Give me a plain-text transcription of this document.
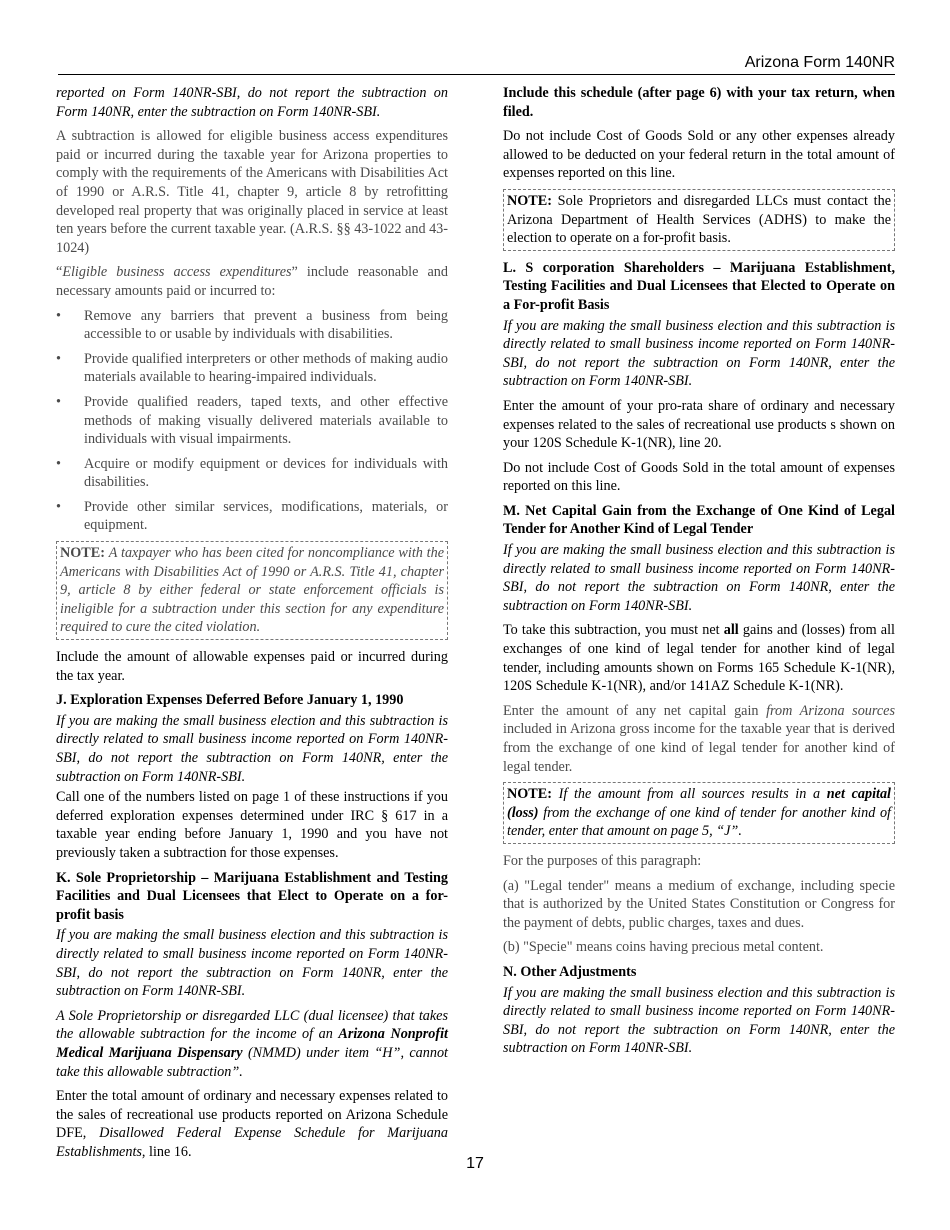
Arizona Form 140NR

reported on Form 140NR-SBI, do not report the subtraction on Form 140NR, enter the subtraction on Form 140NR-SBI.

A subtraction is allowed for eligible business access expenditures paid or incurred during the taxable year for Arizona properties to comply with the requirements of the Americans with Disabilities Act of 1990 or A.R.S. Title 41, chapter 9, article 8 by retrofitting developed real property that was originally placed in service at least ten years before the current taxable year. (A.R.S. §§ 43-1022 and 43-1024)

“Eligible business access expenditures” include reasonable and necessary amounts paid or incurred to:

• Remove any barriers that prevent a business from being accessible to or usable by individuals with disabilities.
• Provide qualified interpreters or other methods of making audio materials available to hearing-impaired individuals.
• Provide qualified readers, taped texts, and other effective methods of making visually delivered materials available to individuals with visual impairments.
• Acquire or modify equipment or devices for individuals with disabilities.
• Provide other similar services, modifications, materials, or equipment.
NOTE: A taxpayer who has been cited for noncompliance with the Americans with Disabilities Act of 1990 or A.R.S. Title 41, chapter 9, article 8 by either federal or state enforcement officials is ineligible for a subtraction under this section for any expenditure required to cure the cited violation.

Include the amount of allowable expenses paid or incurred during the tax year.

J. Exploration Expenses Deferred Before January 1, 1990

If you are making the small business election and this subtraction is directly related to small business income reported on Form 140NR-SBI, do not report the subtraction on Form 140NR, enter the subtraction on Form 140NR-SBI.

Call one of the numbers listed on page 1 of these instructions if you deferred exploration expenses determined under IRC § 617 in a taxable year ending before January 1, 1990 and you have not previously taken a subtraction for those expenses.

K. Sole Proprietorship – Marijuana Establishment and Testing Facilities and Dual Licensees that Elect to Operate on a for-profit basis

If you are making the small business election and this subtraction is directly related to small business income reported on Form 140NR-SBI, do not report the subtraction on Form 140NR, enter the subtraction on Form 140NR-SBI.

A Sole Proprietorship or disregarded LLC (dual licensee) that takes the allowable subtraction for the income of an Arizona Nonprofit Medical Marijuana Dispensary (NMMD) under item “H”, cannot take this allowable subtraction”.

Enter the total amount of ordinary and necessary expenses related to the sales of recreational use products reported on Arizona Schedule DFE, Disallowed Federal Expense Schedule for Marijuana Establishments, line 16.

Include this schedule (after page 6) with your tax return, when filed.

Do not include Cost of Goods Sold or any other expenses already allowed to be deducted on your federal return in the total amount of expenses reported on this line.

NOTE: Sole Proprietors and disregarded LLCs must contact the Arizona Department of Health Services (ADHS) to make the election to operate on a for-profit basis.

L. S corporation Shareholders – Marijuana Establishment, Testing Facilities and Dual Licensees that Elected to Operate on a For-profit Basis

If you are making the small business election and this subtraction is directly related to small business income reported on Form 140NR-SBI, do not report the subtraction on Form 140NR, enter the subtraction on Form 140NR-SBI.

Enter the amount of your pro-rata share of ordinary and necessary expenses related to the sales of recreational use products s shown on your 120S Schedule K-1(NR), line 20.

Do not include Cost of Goods Sold in the total amount of expenses reported on this line.

M. Net Capital Gain from the Exchange of One Kind of Legal Tender for Another Kind of Legal Tender

If you are making the small business election and this subtraction is directly related to small business income reported on Form 140NR-SBI, do not report the subtraction on Form 140NR, enter the subtraction on Form 140NR-SBI.

To take this subtraction, you must net all gains and (losses) from all exchanges of one kind of legal tender for another kind of legal tender, including amounts shown on Forms 165 Schedule K-1(NR), 120S Schedule K-1(NR), and/or 141AZ Schedule K-1(NR).

Enter the amount of any net capital gain from Arizona sources included in Arizona gross income for the taxable year that is derived from the exchange of one kind of legal tender for another kind of legal tender.

NOTE: If the amount from all sources results in a net capital (loss) from the exchange of one kind of tender for another kind of tender, enter that amount on page 5, “J”.

For the purposes of this paragraph:

(a) "Legal tender" means a medium of exchange, including specie that is authorized by the United States Constitution or Congress for the payment of debts, public charges, taxes and dues.

(b) "Specie" means coins having precious metal content.

N. Other Adjustments

If you are making the small business election and this subtraction is directly related to small business income reported on Form 140NR-SBI, do not report the subtraction on Form 140NR, enter the subtraction on Form 140NR-SBI.

17
